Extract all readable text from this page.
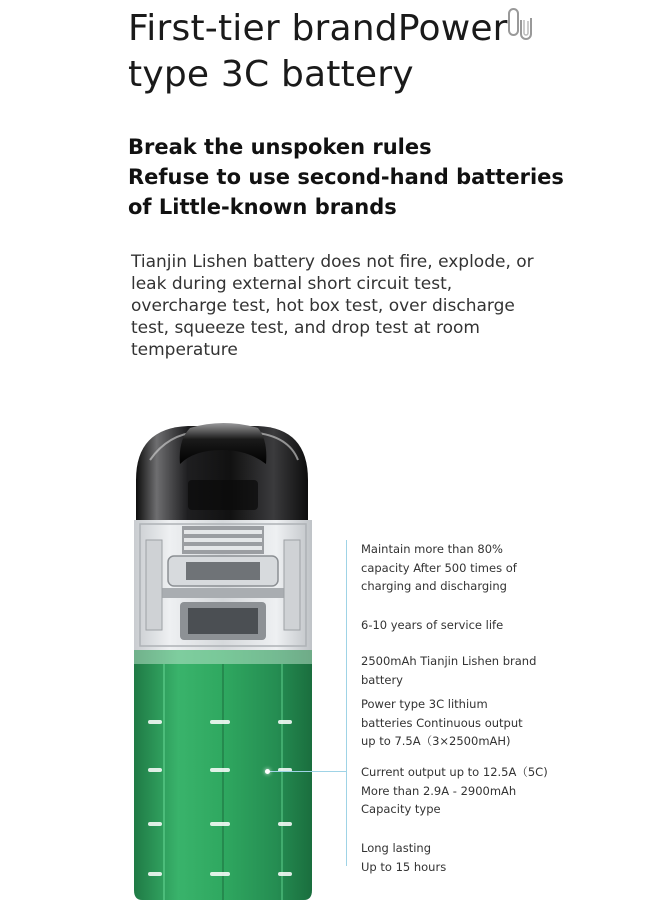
First-tier brandPower
type 3C battery
Break the unspoken rules
Refuse to use second-hand batteries
of Little-known brands
Tianjin Lishen battery does not fire, explode, or
leak during external short circuit test,
overcharge test, hot box test, over discharge
test, squeeze test, and drop test at room
temperature
Maintain more than 80%
capacity After 500 times of
charging and discharging
6-10 years of service life
2500mAh Tianjin Lishen brand
battery
Power type 3C lithium
batteries Continuous output
up to 7.5A（3×2500mAH)
Current output up to 12.5A（5C)
More than 2.9A - 2900mAh
Capacity type
Long lasting
Up to 15 hours
